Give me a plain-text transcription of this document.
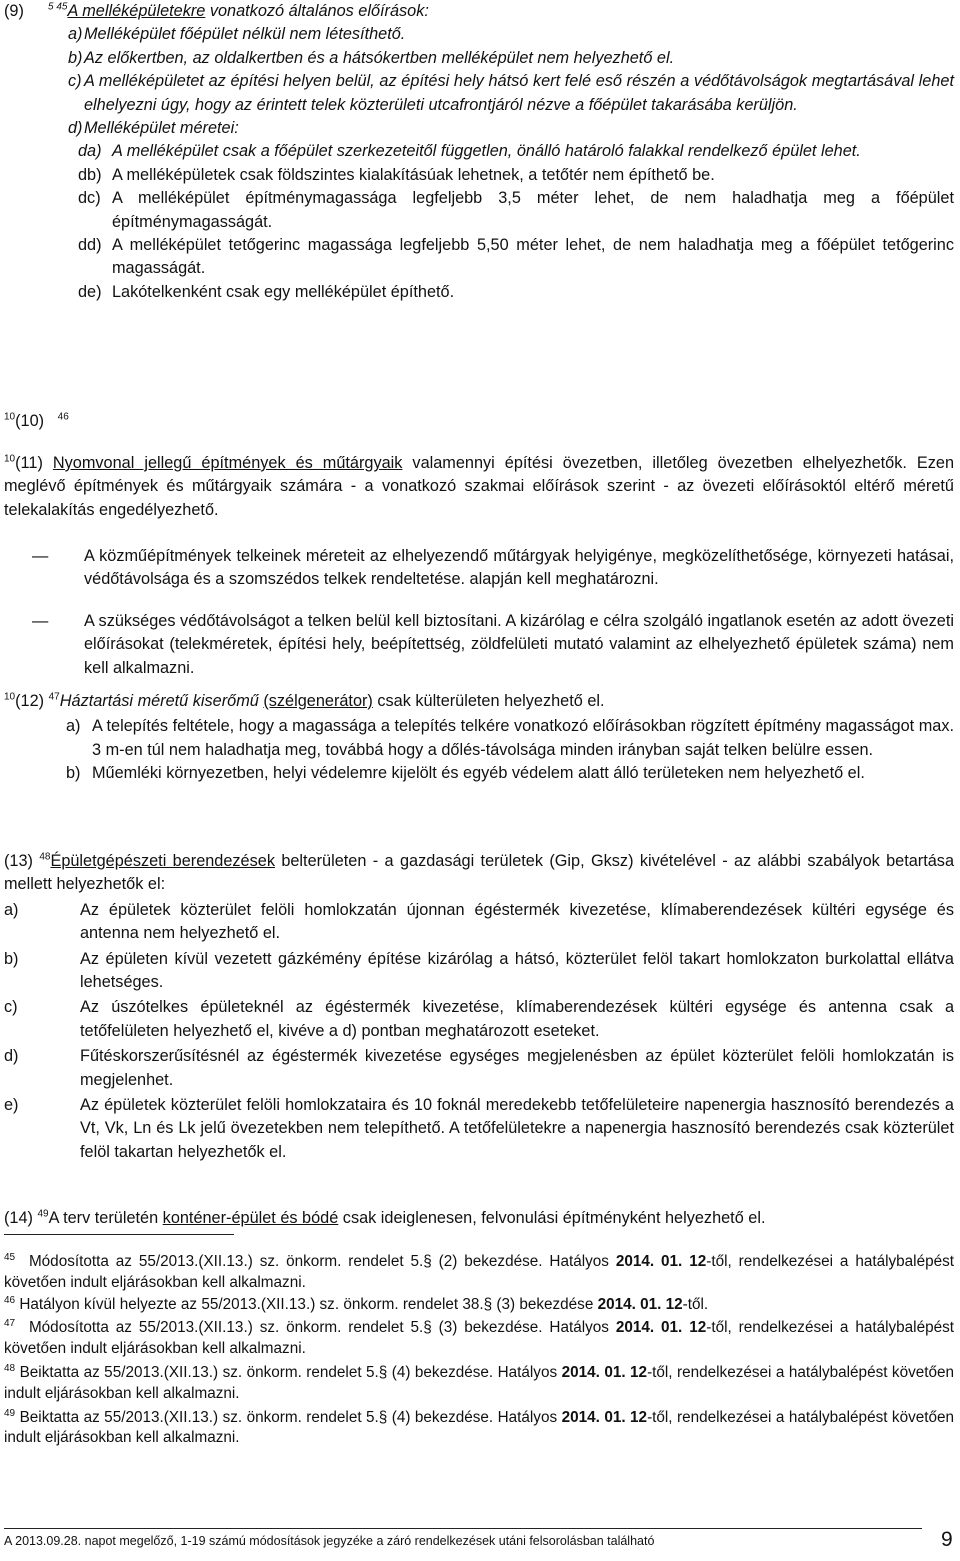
(9) $^{5 45}$A melléképületekre vonatkozó általános előírások:
a) Melléképület főépület nélkül nem létesíthető.
b) Az előkertben, az oldalkertben és a hátsókertben melléképület nem helyezhető el.
c) A melléképületet az építési helyen belül, az építési hely hátsó kert felé eső részén a védőtávolságok megtartásával lehet elhelyezni úgy, hogy az érintett telek közterületi utcafrontjáról nézve a főépület takarásába kerüljön.
d) Melléképület méretei:
da) A melléképület csak a főépület szerkezeteitől független, önálló határoló falakkal rendelkező épület lehet.
db) A melléképületek csak földszintes kialakításúak lehetnek, a tetőtér nem építhető be.
dc) A melléképület építménymagassága legfeljebb 3,5 méter lehet, de nem haladhatja meg a főépület építménymagasságát.
dd) A melléképület tetőgerinc magassága legfeljebb 5,50 méter lehet, de nem haladhatja meg a főépület tetőgerinc magasságát.
de) Lakótelkenként csak egy melléképület építhető.
$^{10}$(10) $^{46}$
$^{10}$(11) Nyomvonal jellegű építmények és műtárgyaik valamennyi építési övezetben, illetőleg övezetben elhelyezhetők. Ezen meglévő építmények és műtárgyaik számára - a vonatkozó szakmai előírások szerint - az övezeti előírásoktól eltérő méretű telekalakítás engedélyezhető.
— A közműépítmények telkeinek méreteit az elhelyezendő műtárgyak helyigénye, megközelíthetősége, környezeti hatásai, védőtávolsága és a szomszédos telkek rendeltetése. alapján kell meghatározni.
— A szükséges védőtávolságot a telken belül kell biztosítani. A kizárólag e célra szolgáló ingatlanok esetén az adott övezeti előírásokat (telekméretek, építési hely, beépítettség, zöldfelületi mutató valamint az elhelyezhető épületek száma) nem kell alkalmazni.
$^{10}$(12) $^{47}$Háztartási méretű kiserőmű (szélgenerátor) csak külterületen helyezhető el.
a) A telepítés feltétele, hogy a magassága a telepítés telkére vonatkozó előírásokban rögzített építmény magasságot max. 3 m-en túl nem haladhatja meg, továbbá hogy a dőlés-távolsága minden irányban saját telken belülre essen.
b) Műemléki környezetben, helyi védelemre kijelölt és egyéb védelem alatt álló területeken nem helyezhető el.
(13) $^{48}$Épületgépészeti berendezések belterületen - a gazdasági területek (Gip, Gksz) kivételével - az alábbi szabályok betartása mellett helyezhetők el:
a)	Az épületek közterület felöli homlokzatán újonnan égéstermék kivezetése, klímaberendezések kültéri egysége és antenna nem helyezhető el.
b)	Az épületen kívül vezetett gázkémény építése kizárólag a hátsó, közterület felöl takart homlokzaton burkolattal ellátva lehetséges.
c)	Az úszótelkes épületeknél az égéstermék kivezetése, klímaberendezések kültéri egysége és antenna csak a tetőfelületen helyezhető el, kivéve a d) pontban meghatározott eseteket.
d)	Fűtéskorszerűsítésnél az égéstermék kivezetése egységes megjelenésben az épület közterület felöli homlokzatán is megjelenhet.
e)	Az épületek közterület felöli homlokzataira és 10 foknál meredekebb tetőfelületeire napenergia hasznosító berendezés a Vt, Vk, Ln és Lk jelű övezetekben nem telepíthető. A tetőfelületekre a napenergia hasznosító berendezés csak közterület felöl takartan helyezhetők el.
(14) $^{49}$A terv területén konténer-épület és bódé csak ideiglenesen, felvonulási építményként helyezhető el.
$^{45}$ Módosította az 55/2013.(XII.13.) sz. önkorm. rendelet 5.§ (2) bekezdése. Hatályos 2014. 01. 12-től, rendelkezései a hatálybalépést követően indult eljárásokban kell alkalmazni.
$^{46}$ Hatályon kívül helyezte az 55/2013.(XII.13.) sz. önkorm. rendelet 38.§ (3) bekezdése 2014. 01. 12-től.
$^{47}$ Módosította az 55/2013.(XII.13.) sz. önkorm. rendelet 5.§ (3) bekezdése. Hatályos 2014. 01. 12-től, rendelkezései a hatálybalépést követően indult eljárásokban kell alkalmazni.
$^{48}$ Beiktatta az 55/2013.(XII.13.) sz. önkorm. rendelet 5.§ (4) bekezdése. Hatályos 2014. 01. 12-től, rendelkezései a hatálybalépést követően indult eljárásokban kell alkalmazni.
$^{49}$ Beiktatta az 55/2013.(XII.13.) sz. önkorm. rendelet 5.§ (4) bekezdése. Hatályos 2014. 01. 12-től, rendelkezései a hatálybalépést követően indult eljárásokban kell alkalmazni.
A 2013.09.28. napot megelőző, 1-19 számú módosítások jegyzéke a záró rendelkezések utáni felsorolásban található	9
